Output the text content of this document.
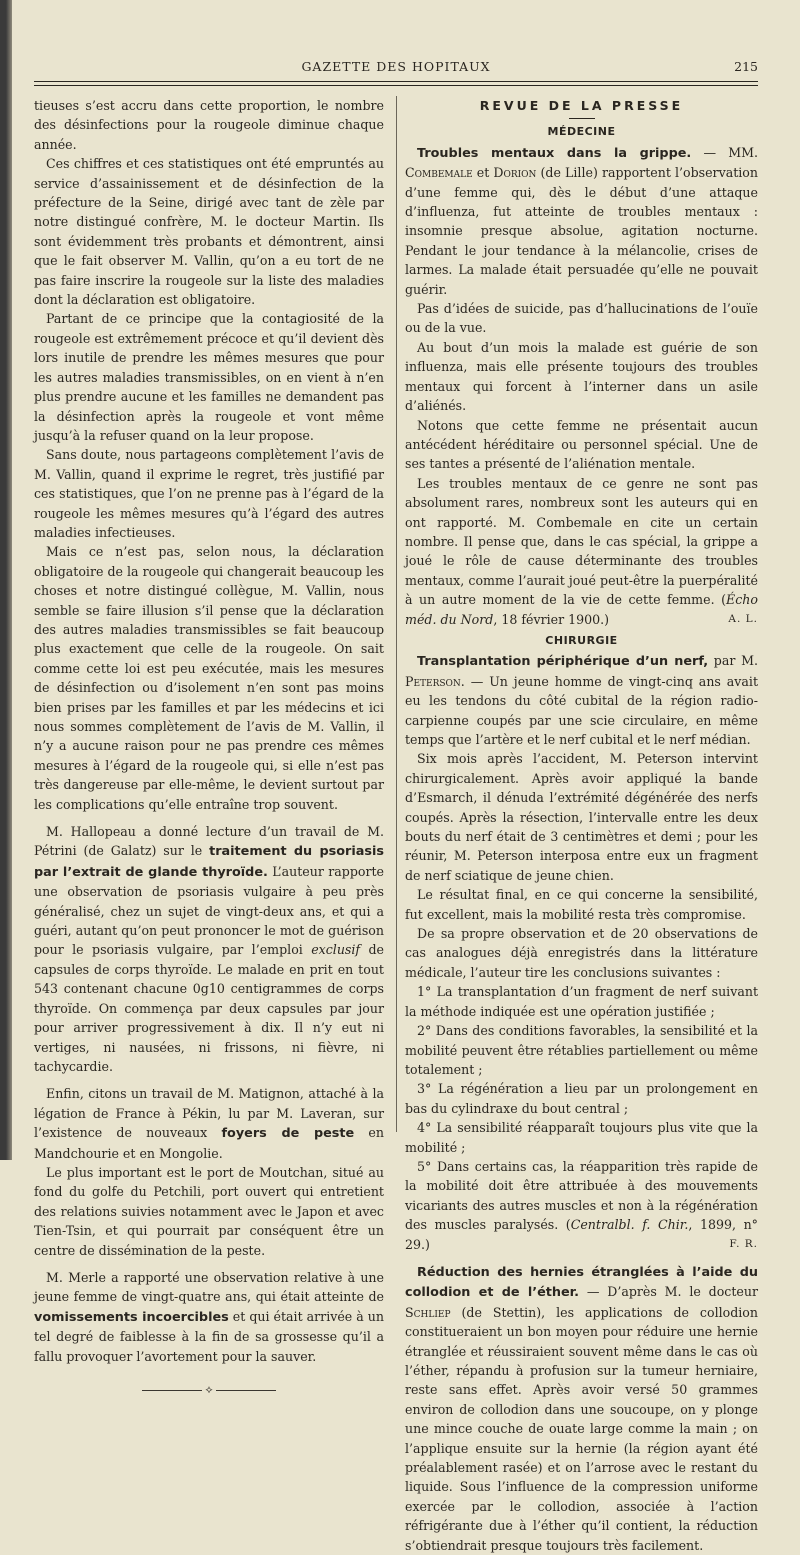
GAZETTE DES HOPITAUX	215

tieuses s’est accru dans cette proportion, le nombre des désinfections pour la rougeole diminue chaque année.

Ces chiffres et ces statistiques ont été empruntés au service d’assainissement et de désinfection de la préfecture de la Seine, dirigé avec tant de zèle par notre distingué confrère, M. le docteur Martin. Ils sont évidemment très probants et démontrent, ainsi que le fait observer M. Vallin, qu’on a eu tort de ne pas faire inscrire la rougeole sur la liste des maladies dont la déclaration est obligatoire.

Partant de ce principe que la contagiosité de la rougeole est extrêmement précoce et qu’il devient dès lors inutile de prendre les mêmes mesures que pour les autres maladies transmissibles, on en vient à n’en plus prendre aucune et les familles ne demandent pas la désinfection après la rougeole et vont même jusqu’à la refuser quand on la leur propose.

Sans doute, nous partageons complètement l’avis de M. Vallin, quand il exprime le regret, très justifié par ces statistiques, que l’on ne prenne pas à l’égard de la rougeole les mêmes mesures qu’à l’égard des autres maladies infectieuses.

Mais ce n’est pas, selon nous, la déclaration obligatoire de la rougeole qui changerait beaucoup les choses et notre distingué collègue, M. Vallin, nous semble se faire illusion s’il pense que la déclaration des autres maladies transmissibles se fait beaucoup plus exactement que celle de la rougeole. On sait comme cette loi est peu exécutée, mais les mesures de désinfection ou d’isolement n’en sont pas moins bien prises par les familles et par les médecins et ici nous sommes complètement de l’avis de M. Vallin, il n’y a aucune raison pour ne pas prendre ces mêmes mesures à l’égard de la rougeole qui, si elle n’est pas très dangereuse par elle-même, le devient surtout par les complications qu’elle entraîne trop souvent.

M. Hallopeau a donné lecture d’un travail de M. Pétrini (de Galatz) sur le traitement du psoriasis par l’extrait de glande thyroïde. L’auteur rapporte une observation de psoriasis vulgaire à peu près généralisé, chez un sujet de vingt-deux ans, et qui a guéri, autant qu’on peut prononcer le mot de guérison pour le psoriasis vulgaire, par l’emploi exclusif de capsules de corps thyroïde. Le malade en prit en tout 543 contenant chacune 0g10 centigrammes de corps thyroïde. On commença par deux capsules par jour pour arriver progressivement à dix. Il n’y eut ni vertiges, ni nausées, ni frissons, ni fièvre, ni tachycardie.

Enfin, citons un travail de M. Matignon, attaché à la légation de France à Pékin, lu par M. Laveran, sur l’existence de nouveaux foyers de peste en Mandchourie et en Mongolie.

Le plus important est le port de Moutchan, situé au fond du golfe du Petchili, port ouvert qui entretient des relations suivies notamment avec le Japon et avec Tien-Tsin, et qui pourrait par conséquent être un centre de dissémination de la peste.

M. Merle a rapporté une observation relative à une jeune femme de vingt-quatre ans, qui était atteinte de vomissements incoercibles et qui était arrivée à un tel degré de faiblesse à la fin de sa grossesse qu’il a fallu provoquer l’avortement pour la sauver.

⟡
REVUE DE LA PRESSE
MÉDECINE

Troubles mentaux dans la grippe. — MM. Combemale et Dorion (de Lille) rapportent l’observation d’une femme qui, dès le début d’une attaque d’influenza, fut atteinte de troubles mentaux : insomnie presque absolue, agitation nocturne. Pendant le jour tendance à la mélancolie, crises de larmes. La malade était persuadée qu’elle ne pouvait guérir.

Pas d’idées de suicide, pas d’hallucinations de l’ouïe ou de la vue.

Au bout d’un mois la malade est guérie de son influenza, mais elle présente toujours des troubles mentaux qui forcent à l’interner dans un asile d’aliénés.

Notons que cette femme ne présentait aucun antécédent héréditaire ou personnel spécial. Une de ses tantes a présenté de l’aliénation mentale.

Les troubles mentaux de ce genre ne sont pas absolument rares, nombreux sont les auteurs qui en ont rapporté. M. Combemale en cite un certain nombre. Il pense que, dans le cas spécial, la grippe a joué le rôle de cause déterminante des troubles mentaux, comme l’aurait joué peut-être la puerpéralité à un autre moment de la vie de cette femme. (Écho méd. du Nord, 18 février 1900.)	A. L.

CHIRURGIE

Transplantation périphérique d’un nerf, par M. Peterson. — Un jeune homme de vingt-cinq ans avait eu les tendons du côté cubital de la région radio-carpienne coupés par une scie circulaire, en même temps que l’artère et le nerf cubital et le nerf médian.

Six mois après l’accident, M. Peterson intervint chirurgicalement. Après avoir appliqué la bande d’Esmarch, il dénuda l’extrémité dégénérée des nerfs coupés. Après la résection, l’intervalle entre les deux bouts du nerf était de 3 centimètres et demi ; pour les réunir, M. Peterson interposa entre eux un fragment de nerf sciatique de jeune chien.

Le résultat final, en ce qui concerne la sensibilité, fut excellent, mais la mobilité resta très compromise.

De sa propre observation et de 20 observations de cas analogues déjà enregistrés dans la littérature médicale, l’auteur tire les conclusions suivantes :

1° La transplantation d’un fragment de nerf suivant la méthode indiquée est une opération justifiée ;

2° Dans des conditions favorables, la sensibilité et la mobilité peuvent être rétablies partiellement ou même totalement ;

3° La régénération a lieu par un prolongement en bas du cylindraxe du bout central ;

4° La sensibilité réapparaît toujours plus vite que la mobilité ;

5° Dans certains cas, la réapparition très rapide de la mobilité doit être attribuée à des mouvements vicariants des autres muscles et non à la régénération des muscles paralysés. (Centralbl. f. Chir., 1899, n° 29.)	F. R.

Réduction des hernies étranglées à l’aide du collodion et de l’éther. — D’après M. le docteur Schliep (de Stettin), les applications de collodion constitueraient un bon moyen pour réduire une hernie étranglée et réussiraient souvent même dans le cas où l’éther, répandu à profusion sur la tumeur herniaire, reste sans effet. Après avoir versé 50 grammes environ de collodion dans une soucoupe, on y plonge une mince couche de ouate large comme la main ; on l’applique ensuite sur la hernie (la région ayant été préalablement rasée) et on l’arrose avec le restant du liquide. Sous l’influence de la compression uniforme exercée par le collodion, associée à l’action réfrigérante due à l’éther qu’il contient, la réduction s’obtiendrait presque toujours très facilement.
